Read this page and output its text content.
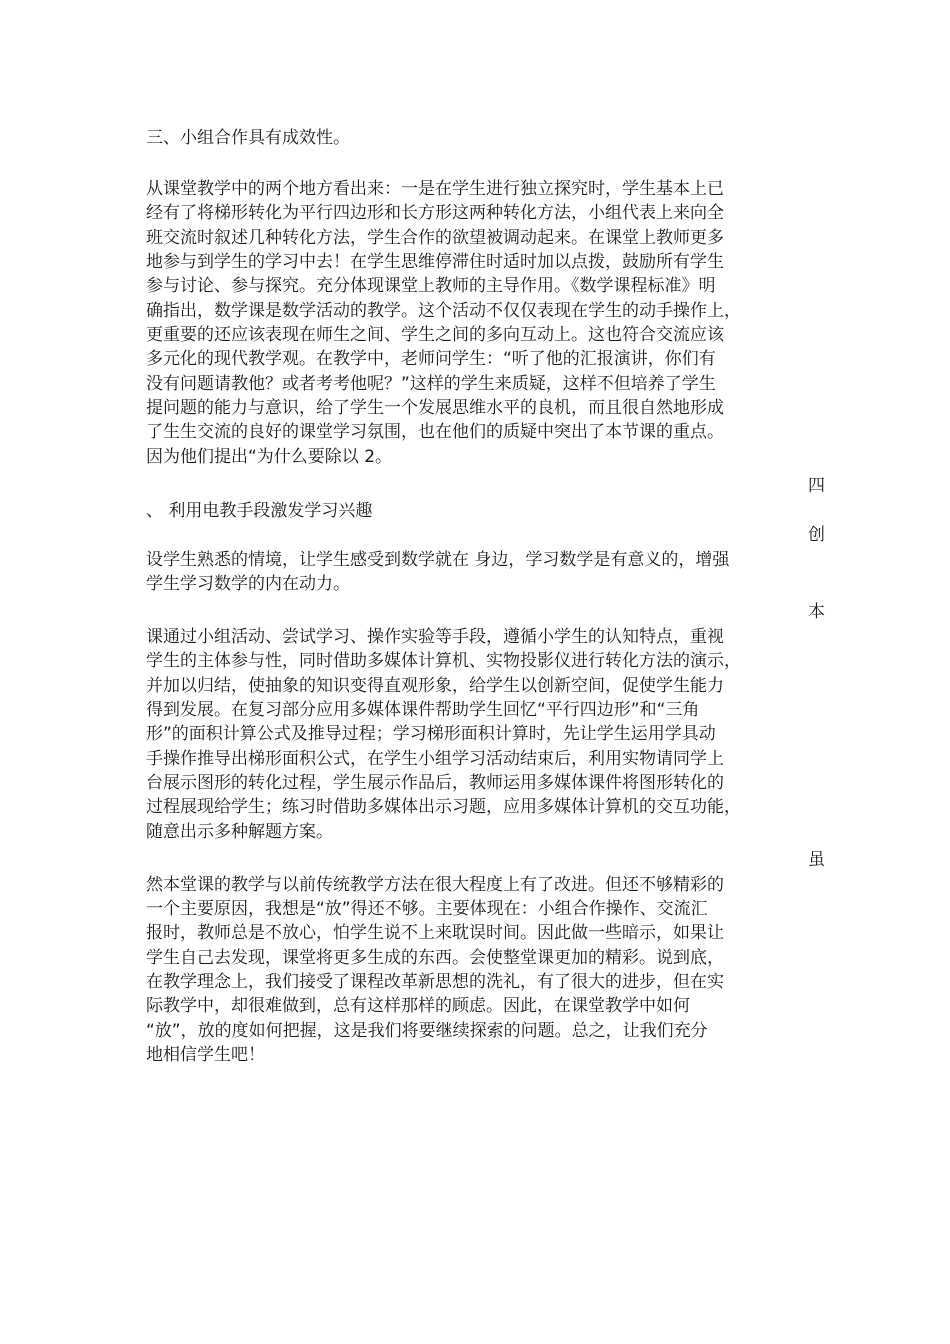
三、小组合作具有成效性。
从课堂教学中的两个地方看出来：一是在学生进行独立探究时，学生基本上已
经有了将梯形转化为平行四边形和长方形这两种转化方法，小组代表上来向全
班交流时叙述几种转化方法，学生合作的欲望被调动起来。在课堂上教师更多
地参与到学生的学习中去！在学生思维停滞住时适时加以点拨，鼓励所有学生
参与讨论、参与探究。充分体现课堂上教师的主导作用。《数学课程标准》明
确指出，数学课是数学活动的教学。这个活动不仅仅表现在学生的动手操作上，
更重要的还应该表现在师生之间、学生之间的多向互动上。这也符合交流应该
多元化的现代教学观。在教学中，老师问学生：“听了他的汇报演讲，你们有
没有问题请教他？或者考考他呢？”这样的学生来质疑，这样不但培养了学生
提问题的能力与意识，给了学生一个发展思维水平的良机，而且很自然地形成
了生生交流的良好的课堂学习氛围，也在他们的质疑中突出了本节课的重点。
因为他们提出“为什么要除以 2。
四
、 利用电教手段激发学习兴趣
创
设学生熟悉的情境，让学生感受到数学就在 身边，学习数学是有意义的，增强
学生学习数学的内在动力。
本
课通过小组活动、尝试学习、操作实验等手段，遵循小学生的认知特点，重视
学生的主体参与性，同时借助多媒体计算机、实物投影仪进行转化方法的演示，
并加以归结，使抽象的知识变得直观形象，给学生以创新空间，促使学生能力
得到发展。在复习部分应用多媒体课件帮助学生回忆“平行四边形”和“三角
形”的面积计算公式及推导过程；学习梯形面积计算时，先让学生运用学具动
手操作推导出梯形面积公式，在学生小组学习活动结束后，利用实物请同学上
台展示图形的转化过程，学生展示作品后，教师运用多媒体课件将图形转化的
过程展现给学生；练习时借助多媒体出示习题，应用多媒体计算机的交互功能，
随意出示多种解题方案。
虽
然本堂课的教学与以前传统教学方法在很大程度上有了改进。但还不够精彩的
一个主要原因，我想是“放”得还不够。主要体现在：小组合作操作、交流汇
报时，教师总是不放心，怕学生说不上来耽误时间。因此做一些暗示，如果让
学生自己去发现，课堂将更多生成的东西。会使整堂课更加的精彩。说到底，
在教学理念上，我们接受了课程改革新思想的洗礼，有了很大的进步，但在实
际教学中，却很难做到，总有这样那样的顾虑。因此，在课堂教学中如何
“放”，放的度如何把握，这是我们将要继续探索的问题。总之，让我们充分
地相信学生吧！
